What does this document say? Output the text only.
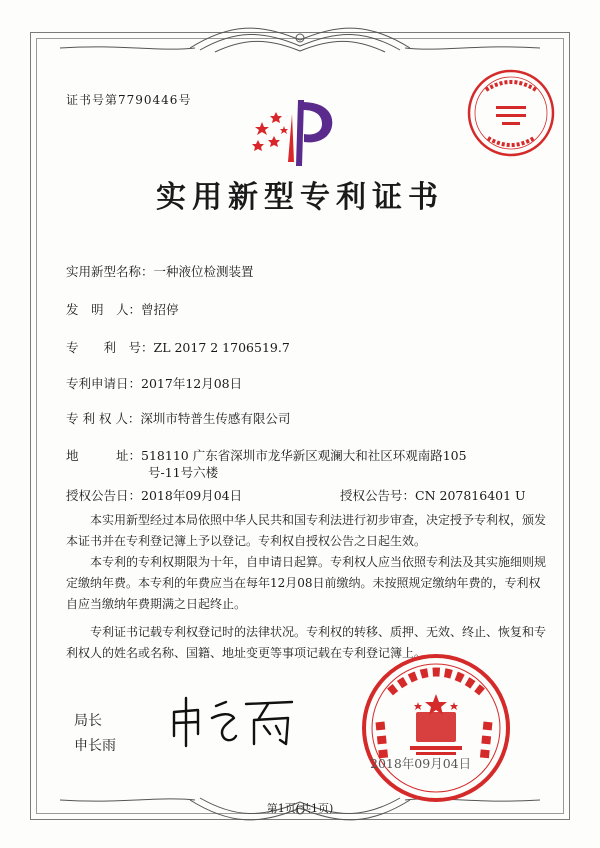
证书号第7790446号
实用新型专利证书
实用新型名称：一种液位检测装置
发　明　人：曾招停
专　　利　号：ZL 2017 2 1706519.7
专利申请日：2017年12月08日
专 利 权 人：深圳市特普生传感有限公司
地　　　址：518110 广东省深圳市龙华新区观澜大和社区环观南路105
号-11号六楼
授权公告日：2018年09月04日	授权公告号：CN 207816401 U
本实用新型经过本局依照中华人民共和国专利法进行初步审查，决定授予专利权，颁发
本证书并在专利登记簿上予以登记。专利权自授权公告之日起生效。
本专利的专利权期限为十年，自申请日起算。专利权人应当依照专利法及其实施细则规
定缴纳年费。本专利的年费应当在每年12月08日前缴纳。未按照规定缴纳年费的，专利权
自应当缴纳年费期满之日起终止。
专利证书记载专利权登记时的法律状况。专利权的转移、质押、无效、终止、恢复和专
利权人的姓名或名称、国籍、地址变更等事项记载在专利登记簿上。
局长
申长雨
2018年09月04日
第1页(共1页)
